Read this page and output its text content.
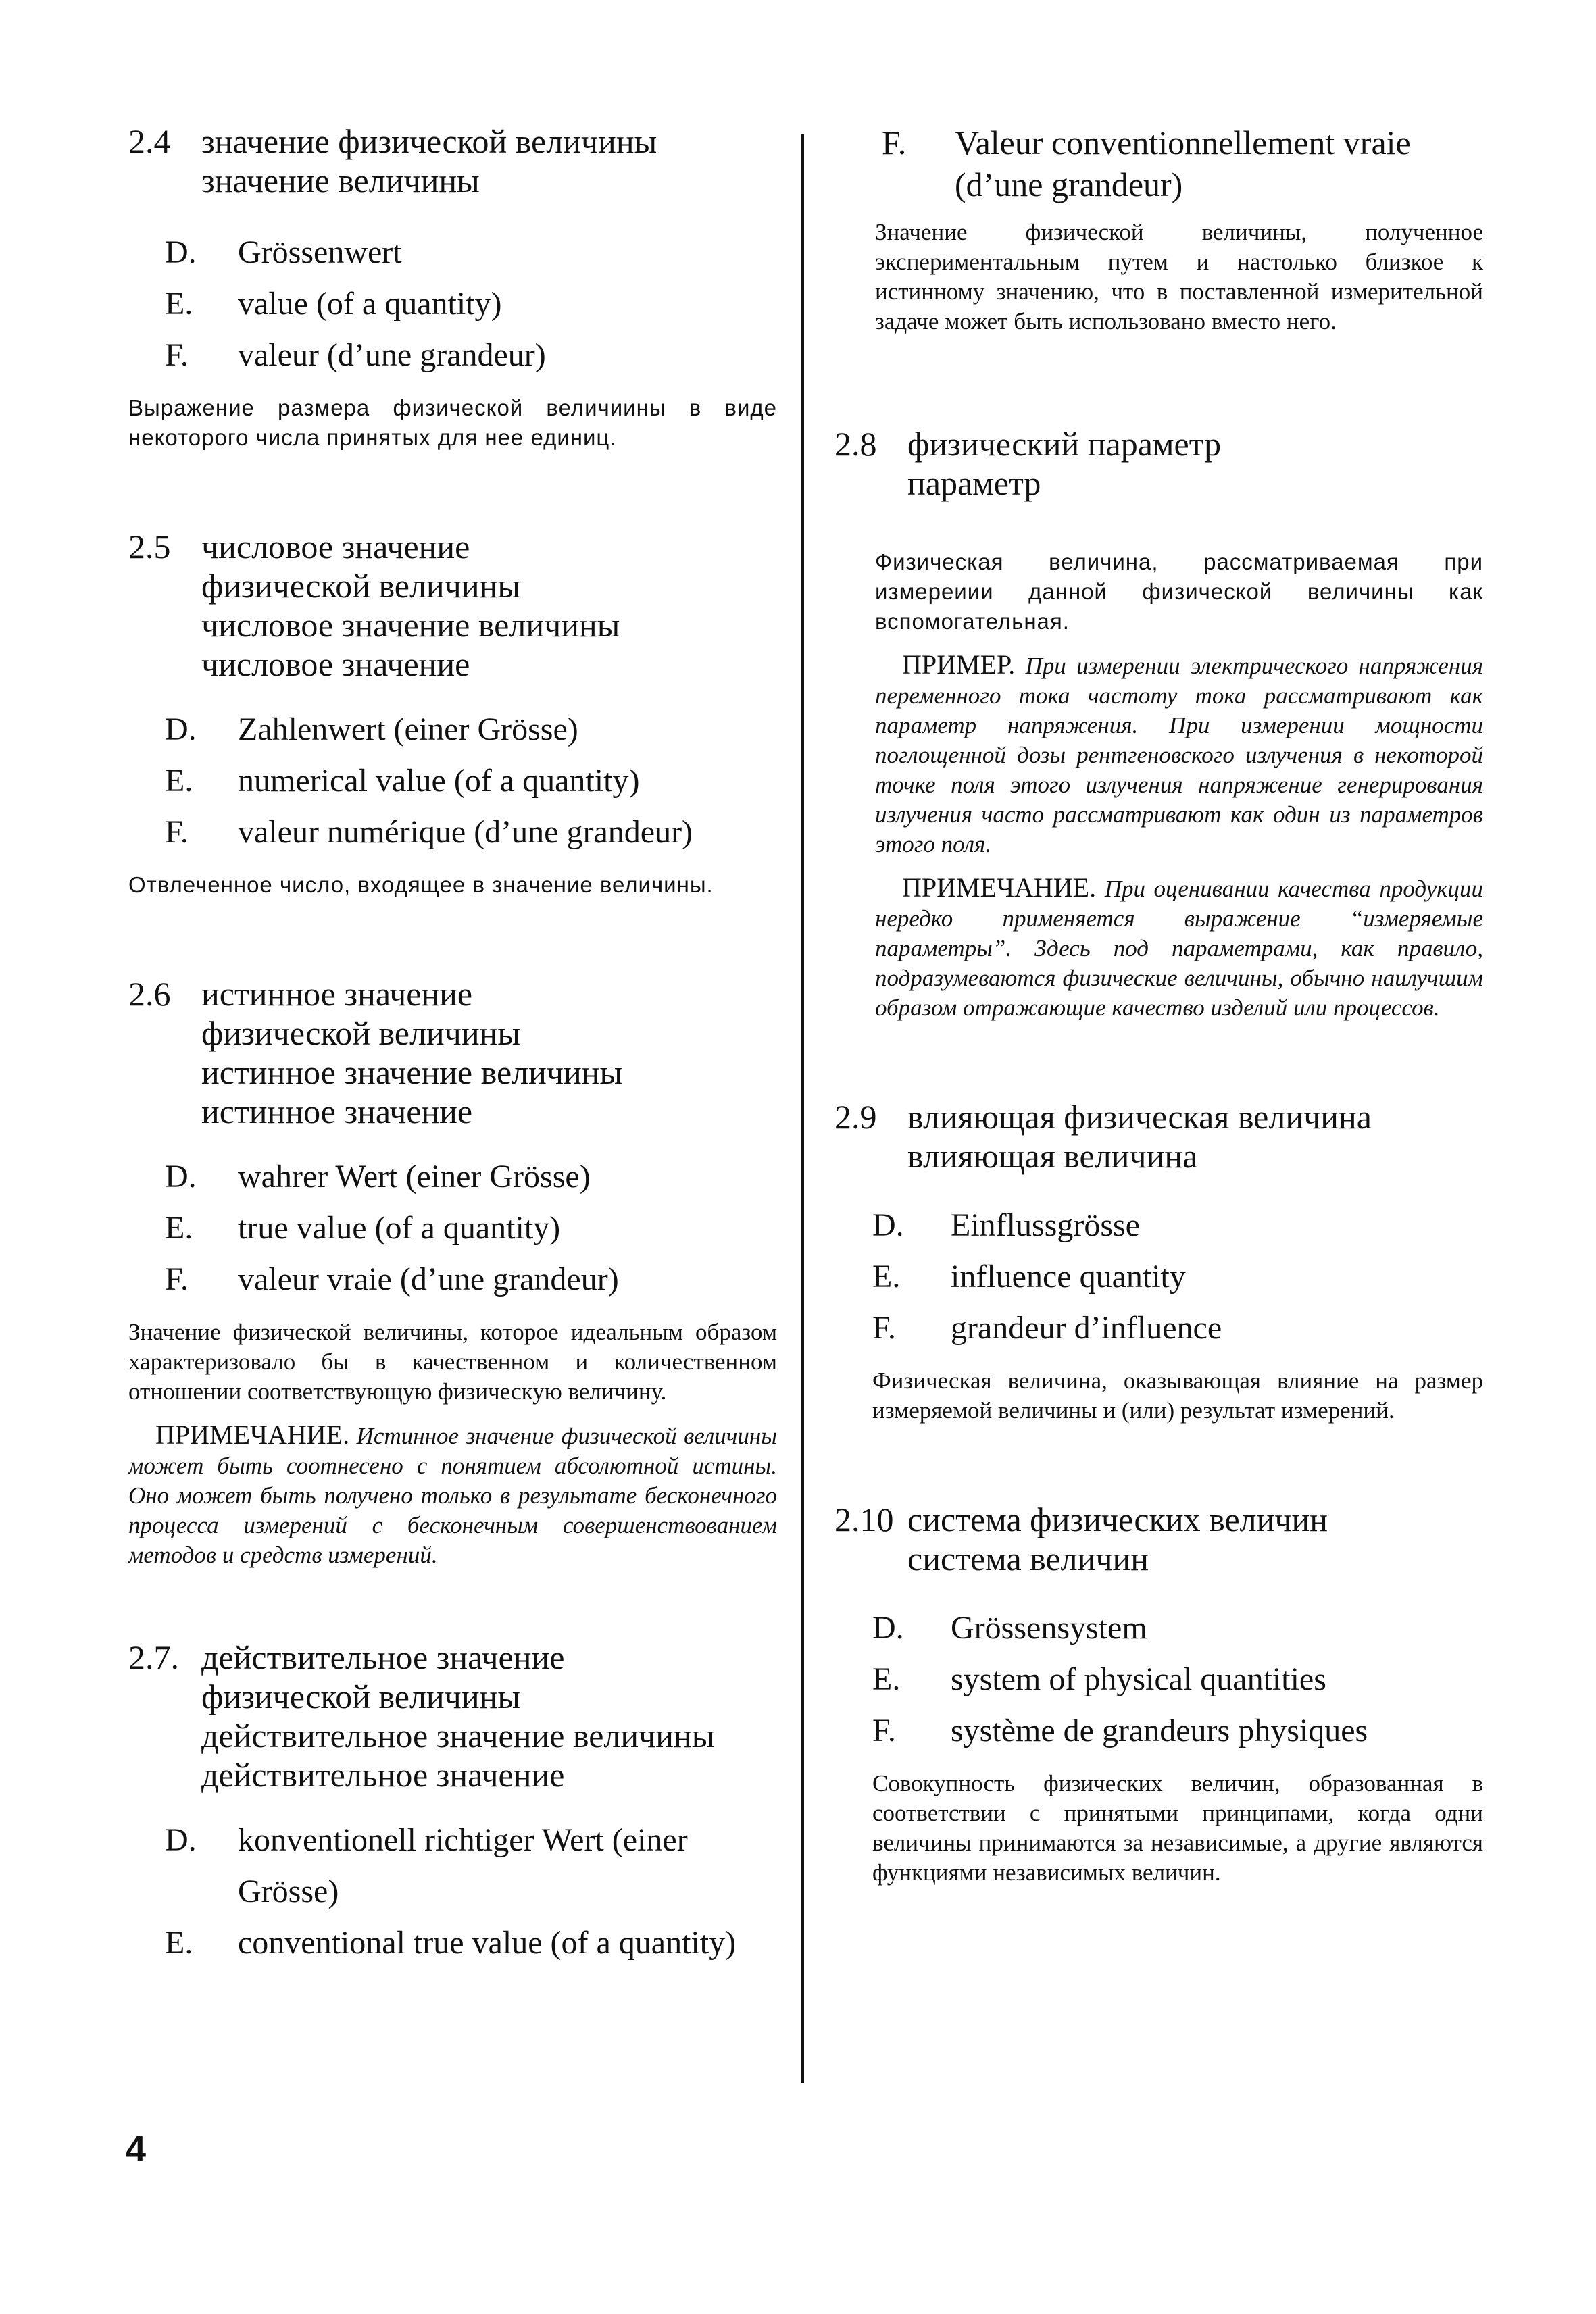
2.4 значение физической величины
значение величины
D. Grössenwert
E. value (of a quantity)
F. valeur (d’une grandeur)
Выражение размера физической величиины в виде некоторого числа принятых для нее единиц.
2.5 числовое значение
физической величины
числовое значение величины
числовое значение
D. Zahlenwert (einer Grösse)
E. numerical value (of a quantity)
F. valeur numérique (d’une grandeur)
Отвлеченное число, входящее в значение величины.
2.6 истинное значение
физической величины
истинное значение величины
истинное значение
D. wahrer Wert (einer Grösse)
E. true value (of a quantity)
F. valeur vraie (d’une grandeur)
Значение физической величины, которое идеальным образом характеризовало бы в качественном и количественном отношении соответствующую физическую величину.
ПРИМЕЧАНИЕ. Истинное значение физической величины может быть соотнесено с понятием абсолютной истины. Оно может быть получено только в результате бесконечного процесса измерений с бесконечным совершенствованием методов и средств измерений.
2.7. действительное значение
физической величины
действительное значение величины
действительное значение
D. konventionell richtiger Wert (einer
Grösse)
E. conventional true value (of a quantity)
F. Valeur conventionnellement vraie
(d’une grandeur)
Значение физической величины, полученное экспериментальным путем и настолько близкое к истинному значению, что в поставленной измерительной задаче может быть использовано вместо него.
2.8 физический параметр
параметр
Физическая величина, рассматриваемая при измереиии данной физической величины как вспомогательная.
ПРИМЕР. При измерении электрического напряжения переменного тока частоту тока рассматривают как параметр напряжения. При измерении мощности поглощенной дозы рентгеновского излучения в некоторой точке поля этого излучения напряжение генерирования излучения часто рассматривают как один из параметров этого поля.
ПРИМЕЧАНИЕ. При оценивании качества продукции нередко применяется выражение “измеряемые параметры”. Здесь под параметрами, как правило, подразумеваются физические величины, обычно наилучшим образом отражающие качество изделий или процессов.
2.9 влияющая физическая величина
влияющая величина
D. Einflussgrösse
E. influence quantity
F. grandeur d’influence
Физическая величина, оказывающая влияние на размер измеряемой величины и (или) результат измерений.
2.10 система физических величин
система величин
D. Grössensystem
E. system of physical quantities
F. système de grandeurs physiques
Совокупность физических величин, образованная в соответствии с принятыми принципами, когда одни величины принимаются за независимые, а другие являются функциями независимых величин.
4
